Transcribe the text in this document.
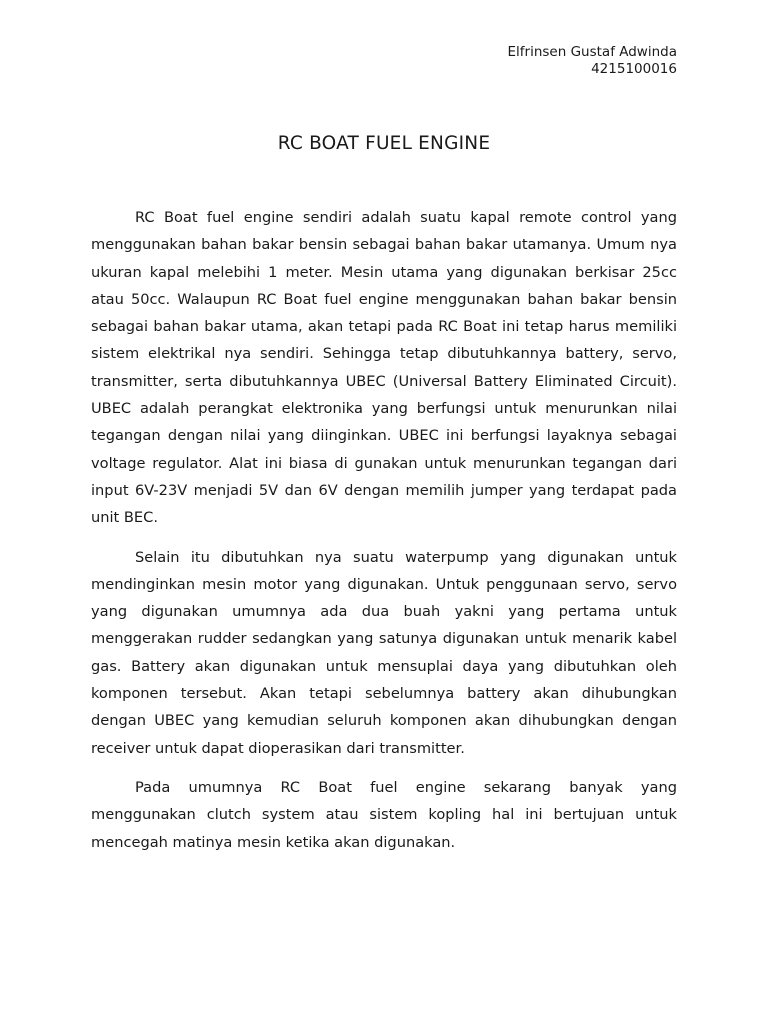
Elfrinsen Gustaf Adwinda
4215100016
RC BOAT FUEL ENGINE

RC Boat fuel engine sendiri adalah suatu kapal remote control yang menggunakan bahan bakar bensin sebagai bahan bakar utamanya. Umum nya ukuran kapal melebihi 1 meter. Mesin utama yang digunakan berkisar 25cc atau 50cc. Walaupun RC Boat fuel engine menggunakan bahan bakar bensin sebagai bahan bakar utama, akan tetapi pada RC Boat ini tetap harus memiliki sistem elektrikal nya sendiri. Sehingga tetap dibutuhkannya battery, servo, transmitter, serta dibutuhkannya UBEC (Universal Battery Eliminated Circuit). UBEC adalah perangkat elektronika yang berfungsi untuk menurunkan nilai tegangan dengan nilai yang diinginkan. UBEC ini berfungsi layaknya sebagai voltage regulator. Alat ini biasa di gunakan untuk menurunkan tegangan dari input 6V-23V menjadi 5V dan 6V dengan memilih jumper yang terdapat pada unit BEC.

Selain itu dibutuhkan nya suatu waterpump yang digunakan untuk mendinginkan mesin motor yang digunakan. Untuk penggunaan servo, servo yang digunakan umumnya ada dua buah yakni yang pertama untuk menggerakan rudder sedangkan yang satunya digunakan untuk menarik kabel gas. Battery akan digunakan untuk mensuplai daya yang dibutuhkan oleh komponen tersebut. Akan tetapi sebelumnya battery akan dihubungkan dengan UBEC yang kemudian seluruh komponen akan dihubungkan dengan receiver untuk dapat dioperasikan dari transmitter.

Pada umumnya RC Boat fuel engine sekarang banyak yang menggunakan clutch system atau sistem kopling hal ini bertujuan untuk mencegah matinya mesin ketika akan digunakan.
